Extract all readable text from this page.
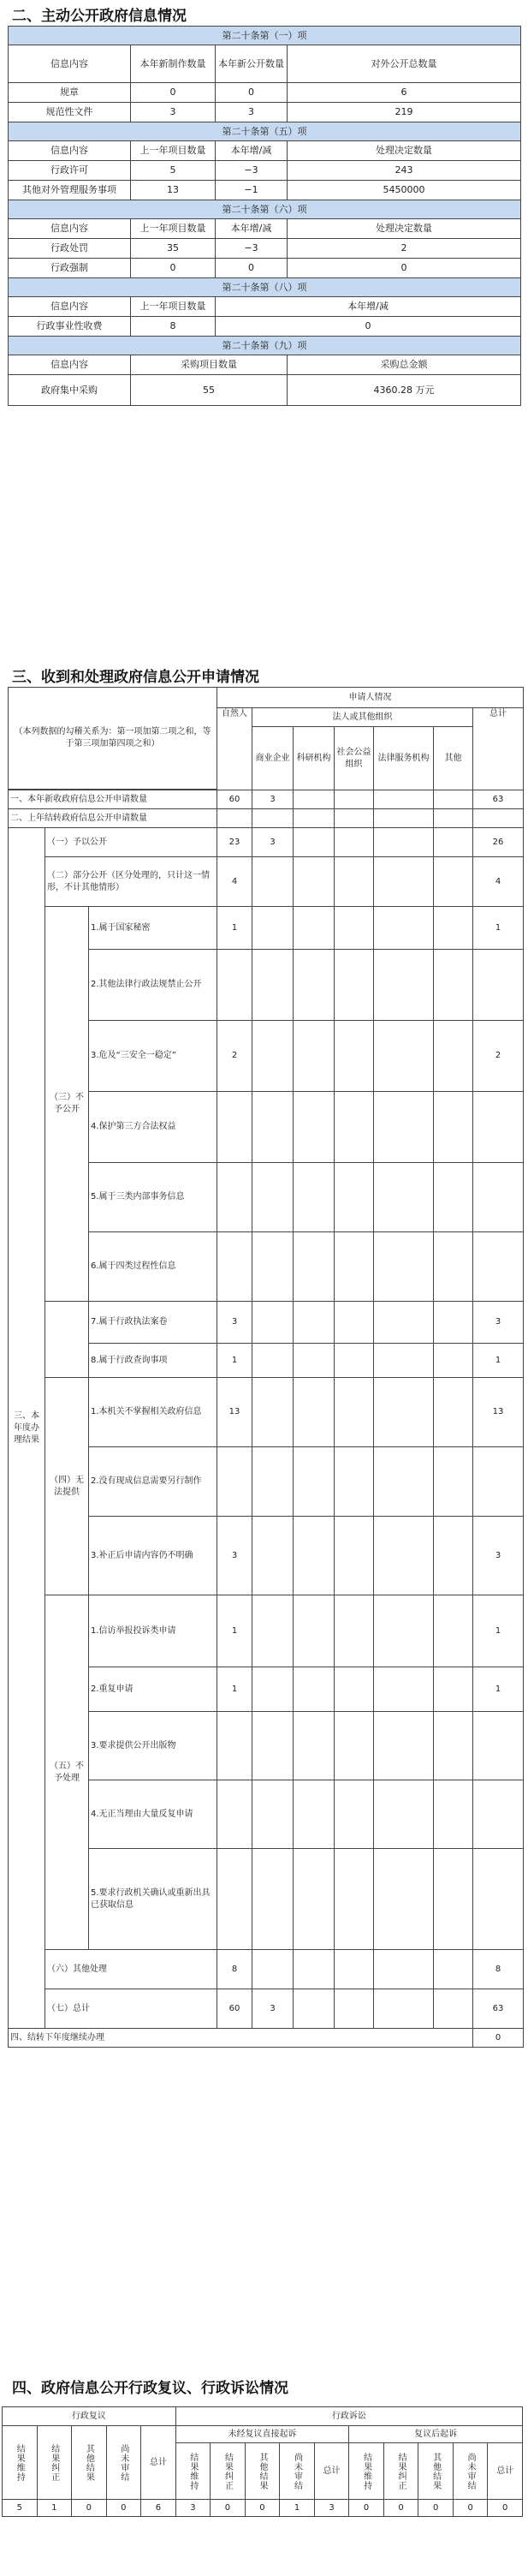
二、主动公开政府信息情况
第二十条第（一）项			
信息内容	本年新制作数量	本年新公开数量	对外公开总数量
规章	0	0	6
规范性文件	3	3	219
第二十条第（五）项			
信息内容	上一年项目数量	本年增/减	处理决定数量
行政许可	5	−3	243
其他对外管理服务事项	13	−1	5450000
第二十条第（六）项			
信息内容	上一年项目数量	本年增/减	处理决定数量
行政处罚	35	−3	2
行政强制	0	0	0
第二十条第（八）项			
信息内容	上一年项目数量	本年增/减	
行政事业性收费	8	0	
第二十条第（九）项			
信息内容	采购项目数量		采购总金额
政府集中采购	55		4360.28 万元
三、收到和处理政府信息公开申请情况
（本列数据的勾稽关系为：第一项加第二项之和，等于第三项加第四项之和）			申请人情况						
			自然人	法人或其他组织					总计
				商业企业	科研机构	社会公益组织	法律服务机构	其他	

一、本年新收政府信息公开申请数量			60	3					63
二、上年结转政府信息公开申请数量									
三、本年度办理结果	（一）予以公开		23	3					26
	（二）部分公开（区分处理的，只计这一情形，不计其他情形）		4						4
	（三）不予公开	1.属于国家秘密	1						1
		2.其他法律行政法规禁止公开							
		3.危及“三安全一稳定”	2						2
		4.保护第三方合法权益							
		5.属于三类内部事务信息							
		6.属于四类过程性信息							
		7.属于行政执法案卷	3						3
		8.属于行政查询事项	1						1
	（四）无法提供	1.本机关不掌握相关政府信息	13						13
		2.没有现成信息需要另行制作							
		3.补正后申请内容仍不明确	3						3
	（五）不予处理	1.信访举报投诉类申请	1						1
		2.重复申请	1						1
		3.要求提供公开出版物							
		4.无正当理由大量反复申请							
		5.要求行政机关确认或重新出具已获取信息							
	（六）其他处理		8						8
	（七）总计		60	3					63
四、结转下年度继续办理									0
四、政府信息公开行政复议、行政诉讼情况
行政复议					行政诉讼									
结果维持	结果纠正	其他结果	尚未审结	总计	未经复议直接起诉					复议后起诉				
					结果维持	结果纠正	其他结果	尚未审结	总计	结果维持	结果纠正	其他结果	尚未审结	总计
5	1	0	0	6	3	0	0	1	3	0	0	0	0	0
